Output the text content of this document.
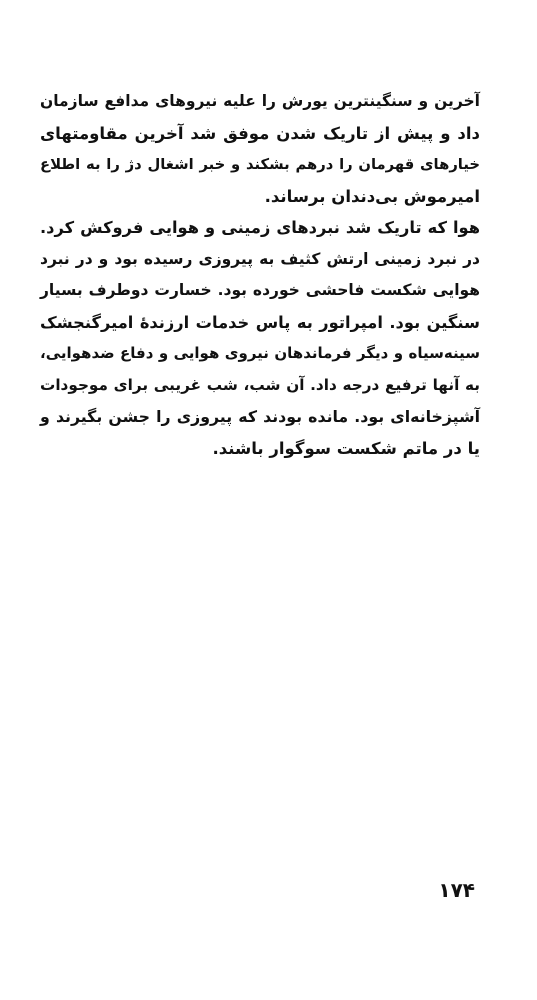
آخرین و سنگینترین یورش را علیه نیروهای مدافع سازمان
داد و پیش از تاریک شدن موفق شد آخرین مقاومتهای
خیارهای قهرمان را درهم بشکند و خبر اشغال دژ را به اطلاع
امیرموش بی‌دندان برساند.
هوا که تاریک شد نبردهای زمینی و هوایی فروکش کرد.
در نبرد زمینی ارتش کثیف به پیروزی رسیده بود و در نبرد
هوایی شکست فاحشی خورده بود. خسارت دوطرف بسیار
سنگین بود. امپراتور به پاس خدمات ارزندهٔ امیرگنجشک
سینه‌سیاه و دیگر فرماندهان نیروی هوایی و دفاع ضدهوایی،
به آنها ترفیع درجه داد. آن شب، شب غریبی برای موجودات
آشپزخانه‌ای بود. مانده بودند که پیروزی را جشن بگیرند و
یا در ماتم شکست سوگوار باشند.
۱۷۴
